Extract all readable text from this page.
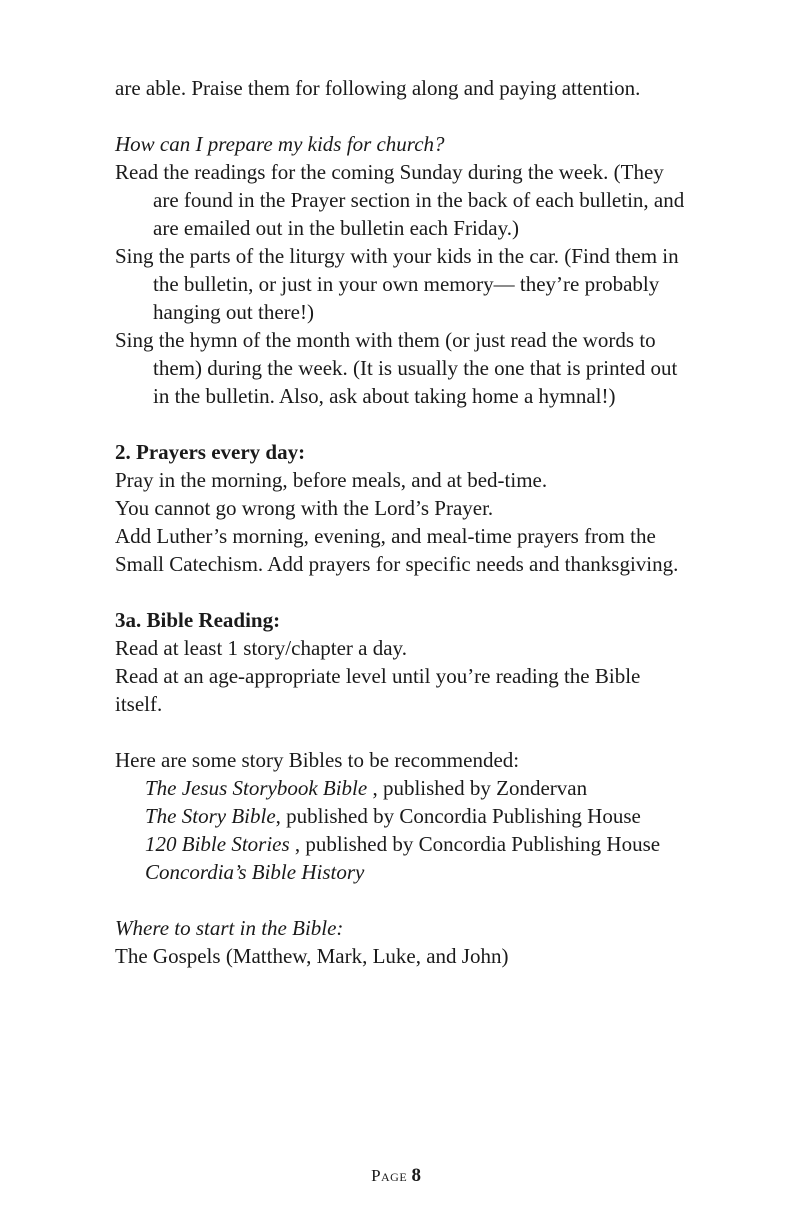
are able. Praise them for following along and paying attention.

How can I prepare my kids for church?

Read the readings for the coming Sunday during the week. (They are found in the Prayer section in the back of each bulletin, and are emailed out in the bulletin each Friday.)

Sing the parts of the liturgy with your kids in the car. (Find them in the bulletin, or just in your own memory— they’re probably hanging out there!)

Sing the hymn of the month with them (or just read the words to them) during the week. (It is usually the one that is printed out in the bulletin. Also, ask about taking home a hymnal!)

2. Prayers every day:

Pray in the morning, before meals, and at bed-time.

You cannot go wrong with the Lord’s Prayer.

Add Luther’s morning, evening, and meal-time prayers from the Small Catechism. Add prayers for specific needs and thanksgiving.

3a. Bible Reading:

Read at least 1 story/chapter a day.

Read at an age-appropriate level until you’re reading the Bible itself.

Here are some story Bibles to be recommended:

The Jesus Storybook Bible , published by Zondervan

The Story Bible, published by Concordia Publishing House

120 Bible Stories , published by Concordia Publishing House

Concordia’s Bible History

Where to start in the Bible:

The Gospels (Matthew, Mark, Luke, and John)

Page 8
